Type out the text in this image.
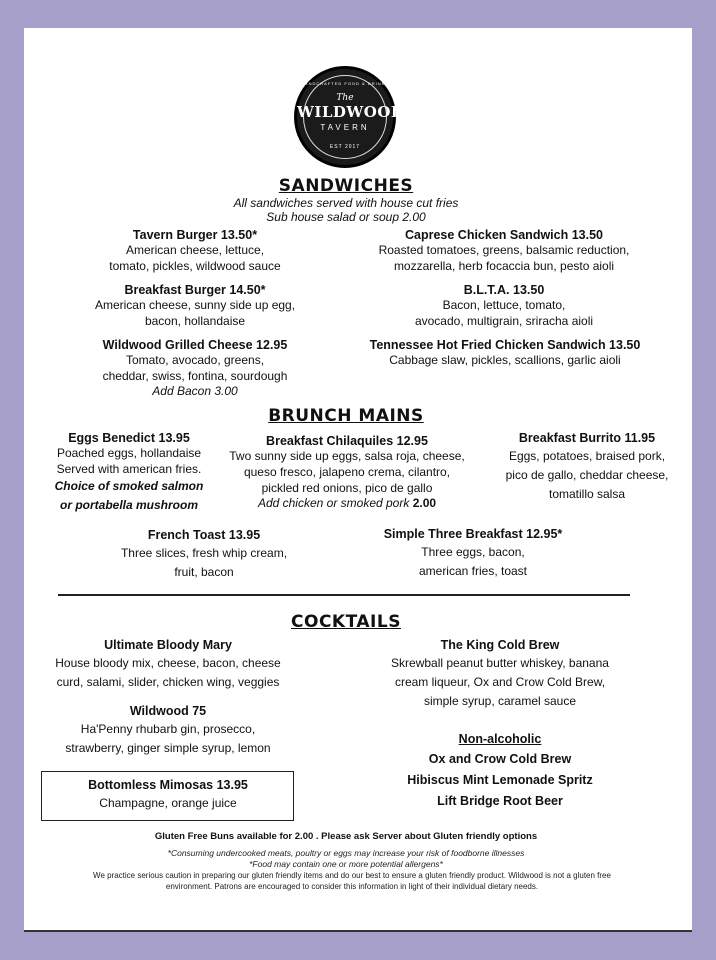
HANDCRAFTED FOOD & DRINKS
The
WILDWOOD
TAVERN
EST 2017
SANDWICHES
All sandwiches served with house cut fries
Sub house salad or soup 2.00
Tavern Burger 13.50*
American cheese, lettuce,
tomato, pickles, wildwood sauce
Caprese Chicken Sandwich 13.50
Roasted tomatoes, greens, balsamic reduction,
mozzarella, herb focaccia bun, pesto aioli
Breakfast Burger 14.50*
American cheese, sunny side up egg,
bacon, hollandaise
B.L.T.A. 13.50
Bacon, lettuce, tomato,
avocado, multigrain, sriracha aioli
Wildwood Grilled Cheese 12.95
Tomato, avocado, greens,
cheddar, swiss, fontina, sourdough
Add Bacon 3.00
Tennessee Hot Fried Chicken Sandwich 13.50
Cabbage slaw, pickles, scallions, garlic aioli
BRUNCH MAINS
Eggs Benedict 13.95
Poached eggs, hollandaise
Served with american fries.
Choice of smoked salmon
or portabella mushroom
Breakfast Chilaquiles 12.95
Two sunny side up eggs, salsa roja, cheese,
queso fresco, jalapeno crema, cilantro,
pickled red onions, pico de gallo
Add chicken or smoked pork 2.00
Breakfast Burrito 11.95
Eggs, potatoes, braised pork,
pico de gallo, cheddar cheese,
tomatillo salsa
French Toast 13.95
Three slices, fresh whip cream,
fruit, bacon
Simple Three Breakfast 12.95*
Three eggs, bacon,
american fries, toast
COCKTAILS
Ultimate Bloody Mary
House bloody mix, cheese, bacon, cheese
curd, salami, slider, chicken wing, veggies
Wildwood 75
Ha'Penny rhubarb gin, prosecco,
strawberry, ginger simple syrup, lemon
Bottomless Mimosas 13.95
Champagne, orange juice
The King Cold Brew
Skrewball peanut butter whiskey, banana
cream liqueur, Ox and Crow Cold Brew,
simple syrup, caramel sauce
Non-alcoholic
Ox and Crow Cold Brew
Hibiscus Mint Lemonade Spritz
Lift Bridge Root Beer
Gluten Free Buns available for 2.00 . Please ask Server about Gluten friendly options
*Consuming undercooked meats, poultry or eggs may increase your risk of foodborne illnesses
*Food may contain one or more potential allergens*
We practice serious caution in preparing our gluten friendly items and do our best to ensure a gluten friendly product. Wildwood is not a gluten free
environment. Patrons are encouraged to consider this information in light of their individual dietary needs.
